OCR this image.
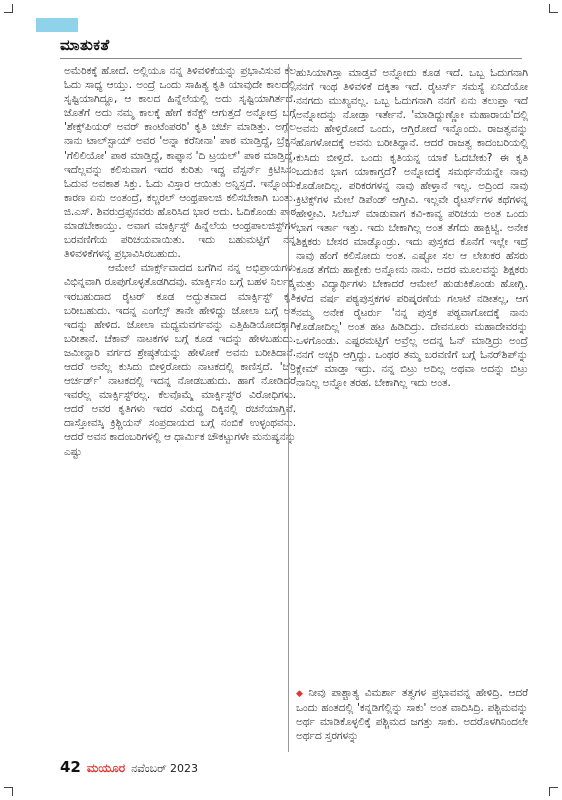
ಮಾತುಕತೆ

ಅಮೆರಿಕಕ್ಕೆ ಹೋದೆ. ಅಲ್ಲಿಯೂ ನನ್ನ ತಿಳಿವಳಿಕೆಯನ್ನು ಪ್ರಭಾವಿಸುವ ಕೆಲ ಓದು ಸಾಧ್ಯ ಆಯ್ತು. ಅಂದ್ರೆ ಒಂದು ಸಾಹಿತ್ಯ ಕೃತಿ ಯಾವುದೇ ಕಾಲದಲ್ಲಿ ಸೃಷ್ಟಿಯಾಗಿದ್ದೂ, ಆ ಕಾಲದ ಹಿನ್ನೆಲೆಯಲ್ಲಿ ಅದು ಸೃಷ್ಟಿಯಾಗಿರ್ತದೆ. ಜೊತೆಗೆ ಅದು ನಮ್ಮ ಕಾಲಕ್ಕೆ ಹೇಗೆ ಕನೆಕ್ಟ್ ಆಗುತ್ತದೆ ಅನ್ನೋದ್ರ ಬಗ್ಗೆ 'ಶೇಕ್ಸ್‌ಪಿಯರ್ ಅವರ್ ಕಾಂಟೆಂಪರರಿ' ಕೃತಿ ಚರ್ಚೆ ಮಾಡಿತ್ತು. ಅಗ್ಲೆಲ ನಾನು ಟಾಲ್‌ಸ್ಟಾಯ್ ಅವರ 'ಅನ್ನಾ ಕರೆನೀನಾ' ಪಾಠ ಮಾಡ್ತಿದ್ದೆ, ಬ್ರೆಕ್ಟನ 'ಗೆಲಿಲಿಯೋ' ಪಾಠ ಮಾಡ್ತಿದ್ದೆ, ಕಾಫ್ಕಾನ 'ದಿ ಟ್ರಯಲ್' ಪಾಠ ಮಾಡ್ತಿದ್ದೆ, ಇದೆಲ್ಲವನ್ನು ಕಲಿಸುವಾಗ ಇದರ ಕುರಿತು ಇದ್ದ ವೆಸ್ಟರ್ನ್ ಕ್ರಿಟಿಸಿಸಂ ಓದುವ ಅವಕಾಶ ಸಿಕ್ತು. ಓದು ವಿಸ್ತಾರ ಆಯಿತು ಅನ್ನಿಸ್ತದೆ. ಇನ್ನೊಂದು ಕಾರಣ ಏನು ಅಂತಂದ್ರೆ, ಕಲ್ಚರಲ್ ಆಂಥ್ರಪಾಲಜಿ ಕಲಿಸಬೇಕಾಗಿ ಬಂತು. ಜಿ.ಎಸ್. ಶಿವರುದ್ರಪ್ಪನವರು ಹೊರಿಸಿದ ಭಾರ ಅದು. ಓದಿಕೊಂಡು ಪಾಠ ಮಾಡಬೇಕಾಯ್ತು. ಅವಾಗ ಮಾರ್ಕ್ಸಿಸ್ಟ್ ಹಿನ್ನೆಲೆಯ ಆಂಥ್ರಪಾಲಜಿಸ್ಟ್‌ಗಳ ಬರವಣಿಗೆಯ ಪರಿಚಯವಾಯಿತು. ಇದು ಬಹುಮಟ್ಟಿಗೆ ನನ್ನ ತಿಳಿವಳಿಕೆಗಳನ್ನ ಪ್ರಭಾವಿಸಿರಬಹುದು.

ಆಮೇಲೆ ಮಾರ್ಕ್ಸ್‌ವಾದದ ಬಗೆಗಿನ ನನ್ನ ಅಭಿಪ್ರಾಯಗಳು ವಿಭಿನ್ನವಾಗಿ ರೂಪುಗೊಳ್ಳತೊಡಗಿದವು. ಮಾರ್ಕ್ಸಿಸಂ ಬಗ್ಗೆ ಬಹಳ ನಿರ್ಲಕ್ಷ್ಯ ಇರಬಹುದಾದ ರೈಟರ್ ಕೂಡ ಅದ್ಭುತವಾದ ಮಾರ್ಕ್ಸಿಸ್ಟ್ ಕೃತಿ ಬರೀಬಹುದು. ಇದನ್ನ ಎಂಗೆಲ್ಸ್ ತಾನೇ ಹೇಳಿದ್ದು ಜೋಲಾ ಬಗ್ಗೆ ಅತ ಇದನ್ನು ಹೇಳಿದ. ಜೋಲಾ ಮಧ್ಯಮವರ್ಗವನ್ನು ಎತ್ತಿಹಿಡಿಯೋದಕ್ಕಾಗಿ ಬರೀತಾನೆ. ಚೆಕಾವ್ ನಾಟಕಗಳ ಬಗ್ಗೆ ಕೂಡ ಇದನ್ನು ಹೇಳಬಹುದು. ಜಮೀನ್ದಾರಿ ವರ್ಗದ ಶ್ರೇಷ್ಠತೆಯನ್ನು ಹೇಳೋಕೆ ಅವನು ಬರೀತಿದಾನೆ. ಆದರೆ ಅವೆಲ್ಲ ಕುಸಿದು ಬೀಳ್ತಿರೋದು ನಾಟಕದಲ್ಲಿ ಕಾಣಿಸ್ತದೆ. 'ಚೆರ್ರಿ ಆರ್ಚರ್ಡ್' ನಾಟಕದಲ್ಲಿ ಇದನ್ನ ನೋಡಬಹುದು. ಹಾಗೆ ನೋಡಿದರೆ ಇವರೆಲ್ಲ ಮಾರ್ಕ್ಸಿಸ್ಟ್‌ರಲ್ಲ. ಕೆಲವೊಮ್ಮೆ ಮಾರ್ಕ್ಸಿಸ್ಟ್‌ರ ವಿರೋಧಿಗಳು. ಆದರೆ ಅವರ ಕೃತಿಗಳು ಇದರ ವಿರುದ್ಧ ದಿಕ್ಕಿನಲ್ಲಿ ರಚನೆಯಾಗ್ತಿವೆ. ದಾಸ್ತೋವಸ್ಕಿ ಕ್ರಿಶ್ಚಿಯನ್ ಸಂಪ್ರದಾಯದ ಬಗ್ಗೆ ನಂಬಿಕೆ ಉಳ್ಳಂಥವನು. ಆದರೆ ಅವನ ಕಾದಂಬರಿಗಳಲ್ಲಿ ಆ ಧಾರ್ಮಿಕ ಚೌಕಟ್ಟುಗಳೇ ಮನುಷ್ಯನನ್ನು ಎಷ್ಟು

ಹುಸಿಯಾಗಿಸ್ತಾ ಮಾಡ್ತವೆ ಅನ್ನೋದು ಕೂಡ ಇದೆ. ಒಬ್ಬ ಓದುಗನಾಗಿ ನನಗೆ ಇಂಥ ತಿಳಿವಳಿಕೆ ದಕ್ಕಿತಾ ಇದೆ. ರೈಟರ್ಸ್ ಸಮಸ್ಯೆ ಏನಿದೆಯೋ ನನಗದು ಮುಖ್ಯವಲ್ಲ. ಒಬ್ಬ ಓದುಗನಾಗಿ ನನಗೆ ಏನು ತಲುಪ್ತಾ ಇದೆ ಅನ್ನೋದನ್ನು ನೋಡ್ತಾ ಇರ್ತೇನೆ. 'ಮಾಡಿದ್ದುಣ್ಣೋ ಮಹಾರಾಯ'ದಲ್ಲಿ ಅವನು ಹೇಳ್ತಿರೋದೆ ಒಂದು, ಆಗ್ತಿರೋದೆ ಇನ್ನೊಂದು. ರಾಜತ್ವವನ್ನು ಹೊಗಳೋದಕ್ಕೆ ಅವನು ಬರೀತಿದ್ದಾನೆ. ಆದರೆ ರಾಜತ್ವ ಕಾದಂಬರಿಯಲ್ಲಿ ಕುಸಿದು ಬೀಳ್ತಿದೆ. ಒಂದು ಕೃತಿಯನ್ನ ಯಾಕೆ ಓದಬೇಕು? ಈ ಕೃತಿ ಬದುಕಿನ ಭಾಗ ಯಾಕಾಗ್ತದೆ? ಅನ್ನೋದಕ್ಕೆ ಸಮರ್ಥನೆಯನ್ನೇ ನಾವು ಕೊಡೋದಿಲ್ಲ. ಪರಿಕರಗಳನ್ನ ನಾವು ಹೇಳ್ತಾನೆ ಇಲ್ಲ. ಅದ್ರಿಂದ ನಾವು ಕ್ರಿಟಿಕ್ಸ್‌ಗಳ ಮೇಲೆ ಡಿಪೆಂಡ್ ಆಗ್ತೀವಿ. ಇಲ್ಲವೇ ರೈಟರ್ಸ್‌ಗಳ ಕಥೆಗಳನ್ನ ಹೇಳ್ತೀವಿ. ಸಿಲೆಬಸ್ ಮಾಡುವಾಗ ಕವಿ-ಕಾವ್ಯ ಪರಿಚಯ ಅಂತ ಒಂದು ಭಾಗ ಇರ್ತಾ ಇತ್ತು. ಇದು ಬೇಕಾಗಿಲ್ಲ ಅಂತ ತೆಗೆದು ಹಾಕ್ಬಿಟ್ವಿ. ಅನೇಕ ಶಿಕ್ಷಕರು ಬೇಸರ ಮಾಡ್ಕೊಂಡ್ರು. ಇದು ಪುಸ್ತಕದ ಕೊನೆಗೆ ಇಲ್ಲೇ ಇದ್ರೆ ನಾವು ಹೆಂಗೆ ಕಲಿಸೋದು ಅಂತ. ಎಷ್ಟೋ ಸಲ ಆ ಲೇಖಕರ ಹೆಸರು ಕೂಡ ತೆಗೆದು ಹಾಕ್ಬೇಕು ಅನ್ನೋನು ನಾನು. ಅದರ ಮೂಲವನ್ನು ಶಿಕ್ಷಕರು ಮತ್ತು ವಿದ್ಯಾರ್ಥಿಗಳು ಬೇಕಾದರೆ ಆಮೇಲೆ ಹುಡುಕಿಕೊಂಡು ಹೋಗ್ಲಿ. ಕಳೆದ ವರ್ಷ ಪಠ್ಯಪುಸ್ತಕಗಳ ಪರಿಷ್ಕರಣೆಯ ಗಲಾಟೆ ನಡೀತಲ್ಲ, ಆಗ ನಮ್ಮ ಅನೇಕ ರೈಟರ್ರು 'ನನ್ನ ಪುಸ್ತಕ ಪಠ್ಯವಾಗೋದಕ್ಕೆ ನಾನು ಕೊಡೋದಿಲ್ಲ' ಅಂತ ಹಟ ಹಿಡಿದಿದ್ರು. ದೇವನೂರು ಮಹಾದೇವರನ್ನು ಒಳಗೊಂಡು. ಎಷ್ಟರಮಟ್ಟಿಗೆ ಅವ್ರೆಲ್ಲ ಅದನ್ನ ಓನ್ ಮಾಡ್ತಿದ್ರು ಅಂದ್ರೆ ನನಗೆ ಅಚ್ಚರಿ ಆಗ್ತಿದ್ದು. ಒಂಥರ ತಮ್ಮ ಬರವಣಿಗೆ ಬಗ್ಗೆ ಓನರ್‌ಶಿಪ್‌ನ್ನು ಕ್ಲೇಮ್ ಮಾಡ್ತಾ ಇದ್ರು. ನನ್ನ ಬಿಟ್ರು ಅದಿಲ್ಲ ಅಥವಾ ಅದನ್ನು ಬಿಟ್ರು ನಾನಿಲ್ಲ ಅನ್ನೋ ತರಹ. ಬೇಕಾಗಿಲ್ಲ ಇದು ಅಂತ.

◆ ನೀವು ಪಾಶ್ಚಾತ್ಯ ವಿಮರ್ಶಾ ತತ್ವಗಳ ಪ್ರಭಾವವನ್ನ ಹೇಳಿದ್ರಿ. ಆದರೆ ಒಂದು ಹಂತದಲ್ಲಿ 'ಕನ್ನಡಿಗೆಲ್ಲಿನ್ನು ಸಾಕು' ಅಂತ ವಾದಿಸಿದ್ರಿ. ಪಶ್ಚಿಮವನ್ನು ಅರ್ಥ ಮಾಡಿಕೊಳ್ಳಲಿಕ್ಕೆ ಪಶ್ಚಿಮದ ಜಗತ್ತು ಸಾಕು. ಅದರೊಳಗಿನಿಂದಲೇ ಅರ್ಥದ ಸ್ತರಗಳನ್ನು
42 ಮಯೂರ ನವೆಂಬರ್ 2023
